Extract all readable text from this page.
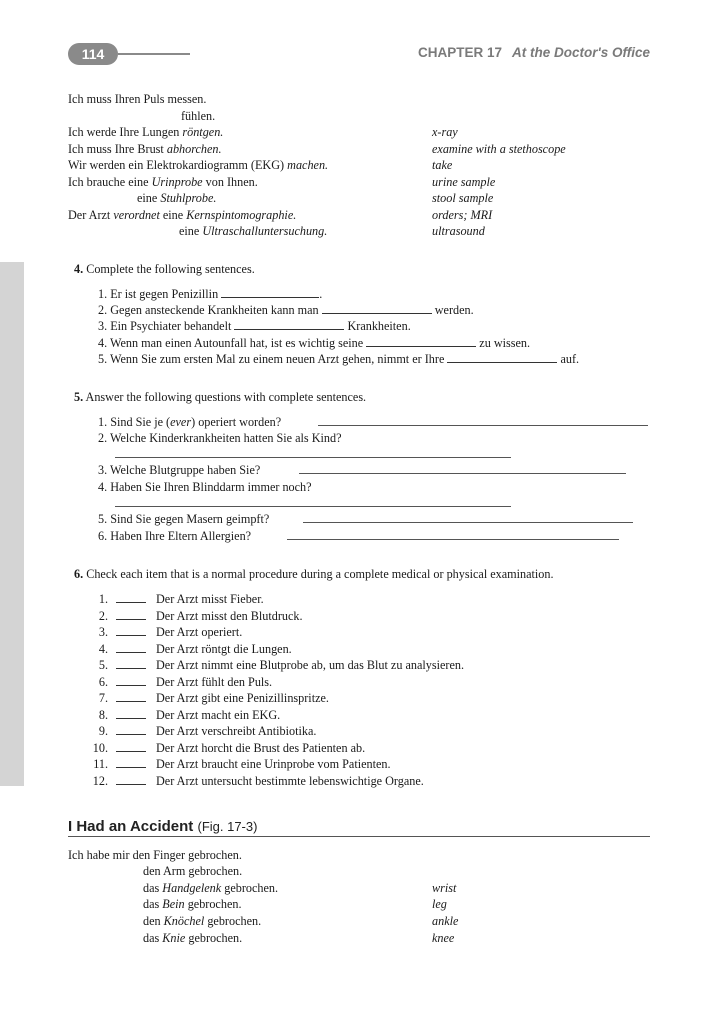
114	CHAPTER 17 At the Doctor's Office
Ich muss Ihren Puls messen.
fühlen.
Ich werde Ihre Lungen röntgen.	x-ray
Ich muss Ihre Brust abhorchen.	examine with a stethoscope
Wir werden ein Elektrokardiogramm (EKG) machen.	take
Ich brauche eine Urinprobe von Ihnen.	urine sample
eine Stuhlprobe.	stool sample
Der Arzt verordnet eine Kernspintomographie.	orders; MRI
eine Ultraschalluntersuchung.	ultrasound
4. Complete the following sentences.
1. Er ist gegen Penizillin	.
2. Gegen ansteckende Krankheiten kann man	werden.
3. Ein Psychiater behandelt	Krankheiten.
4. Wenn man einen Autounfall hat, ist es wichtig seine	zu wissen.
5. Wenn Sie zum ersten Mal zu einem neuen Arzt gehen, nimmt er Ihre	auf.
5. Answer the following questions with complete sentences.
1. Sind Sie je (ever) operiert worden?
2. Welche Kinderkrankheiten hatten Sie als Kind?
3. Welche Blutgruppe haben Sie?
4. Haben Sie Ihren Blinddarm immer noch?
5. Sind Sie gegen Masern geimpft?
6. Haben Ihre Eltern Allergien?
6. Check each item that is a normal procedure during a complete medical or physical examination.
1.	Der Arzt misst Fieber.
2.	Der Arzt misst den Blutdruck.
3.	Der Arzt operiert.
4.	Der Arzt röntgt die Lungen.
5.	Der Arzt nimmt eine Blutprobe ab, um das Blut zu analysieren.
6.	Der Arzt fühlt den Puls.
7.	Der Arzt gibt eine Penizillinspritze.
8.	Der Arzt macht ein EKG.
9.	Der Arzt verschreibt Antibiotika.
10.	Der Arzt horcht die Brust des Patienten ab.
11.	Der Arzt braucht eine Urinprobe vom Patienten.
12.	Der Arzt untersucht bestimmte lebenswichtige Organe.
I Had an Accident (Fig. 17-3)
Ich habe mir den Finger gebrochen.
den Arm gebrochen.
das Handgelenk gebrochen.	wrist
das Bein gebrochen.	leg
den Knöchel gebrochen.	ankle
das Knie gebrochen.	knee
